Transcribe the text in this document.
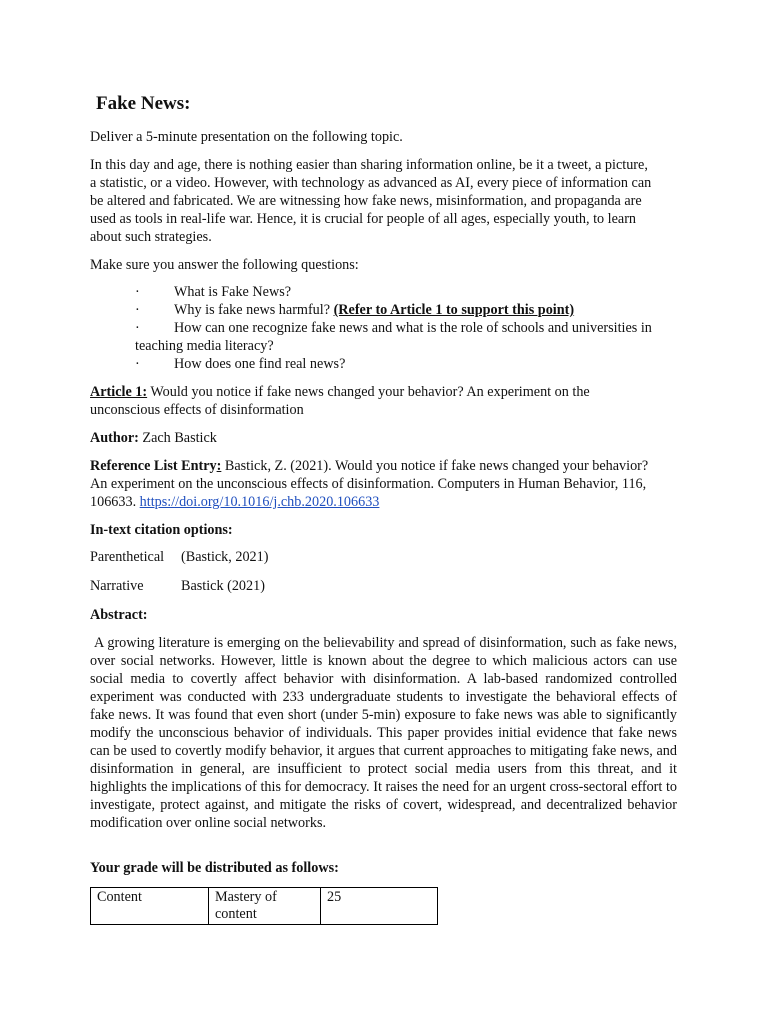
Fake News:

Deliver a 5-minute presentation on the following topic.

In this day and age, there is nothing easier than sharing information online, be it a tweet, a picture, a statistic, or a video. However, with technology as advanced as AI, every piece of information can be altered and fabricated. We are witnessing how fake news, misinformation, and propaganda are used as tools in real-life war. Hence, it is crucial for people of all ages, especially youth, to learn about such strategies.

Make sure you answer the following questions:

·	What is Fake News?
·	Why is fake news harmful? (Refer to Article 1 to support this point)
·	How can one recognize fake news and what is the role of schools and universities in teaching media literacy?
·	How does one find real news?

Article 1: Would you notice if fake news changed your behavior? An experiment on the unconscious effects of disinformation

Author: Zach Bastick

Reference List Entry: Bastick, Z. (2021). Would you notice if fake news changed your behavior? An experiment on the unconscious effects of disinformation. Computers in Human Behavior, 116, 106633. https://doi.org/10.1016/j.chb.2020.106633

In-text citation options:

Parenthetical (Bastick, 2021)
Narrative	Bastick (2021)

Abstract:

A growing literature is emerging on the believability and spread of disinformation, such as fake news, over social networks. However, little is known about the degree to which malicious actors can use social media to covertly affect behavior with disinformation. A lab-based randomized controlled experiment was conducted with 233 undergraduate students to investigate the behavioral effects of fake news. It was found that even short (under 5-min) exposure to fake news was able to significantly modify the unconscious behavior of individuals. This paper provides initial evidence that fake news can be used to covertly modify behavior, it argues that current approaches to mitigating fake news, and disinformation in general, are insufficient to protect social media users from this threat, and it highlights the implications of this for democracy. It raises the need for an urgent cross-sectoral effort to investigate, protect against, and mitigate the risks of covert, widespread, and decentralized behavior modification over online social networks.

Your grade will be distributed as follows:

Content	Mastery of content	25
